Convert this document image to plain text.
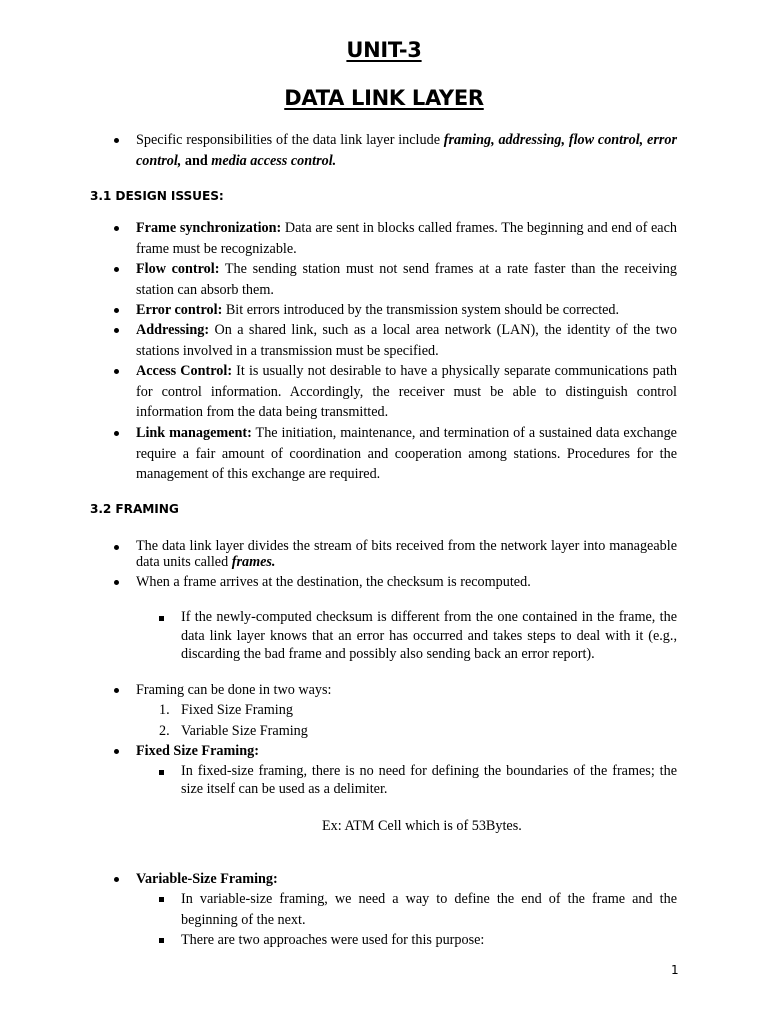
UNIT-3
DATA LINK LAYER
Specific responsibilities of the data link layer include framing, addressing, flow control, error control, and media access control.
3.1 DESIGN ISSUES:
Frame synchronization: Data are sent in blocks called frames. The beginning and end of each frame must be recognizable.
Flow control: The sending station must not send frames at a rate faster than the receiving station can absorb them.
Error control: Bit errors introduced by the transmission system should be corrected.
Addressing: On a shared link, such as a local area network (LAN), the identity of the two stations involved in a transmission must be specified.
Access Control: It is usually not desirable to have a physically separate communications path for control information. Accordingly, the receiver must be able to distinguish control information from the data being transmitted.
Link management: The initiation, maintenance, and termination of a sustained data exchange require a fair amount of coordination and cooperation among stations. Procedures for the management of this exchange are required.
3.2 FRAMING
The data link layer divides the stream of bits received from the network layer into manageable data units called frames.
When a frame arrives at the destination, the checksum is recomputed.
If the newly-computed checksum is different from the one contained in the frame, the data link layer knows that an error has occurred and takes steps to deal with it (e.g., discarding the bad frame and possibly also sending back an error report).
Framing can be done in two ways:
1. Fixed Size Framing
2. Variable Size Framing
Fixed Size Framing:
In fixed-size framing, there is no need for defining the boundaries of the frames; the size itself can be used as a delimiter.
Ex: ATM Cell which is of 53Bytes.
Variable-Size Framing:
In variable-size framing, we need a way to define the end of the frame and the beginning of the next.
There are two approaches were used for this purpose:
1
